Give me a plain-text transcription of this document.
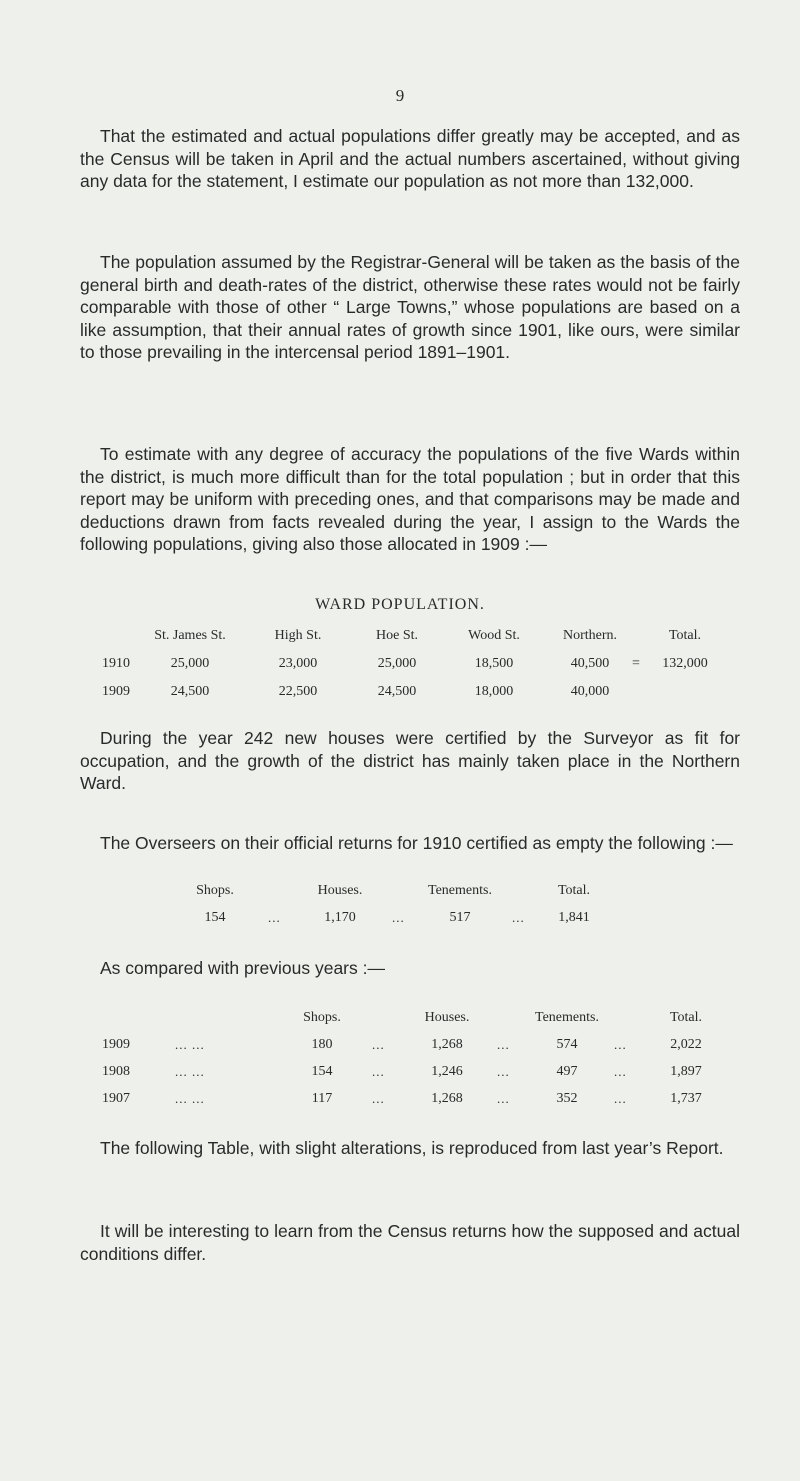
9

That the estimated and actual populations differ greatly may be accepted, and as the Census will be taken in April and the actual numbers ascertained, without giving any data for the statement, I estimate our population as not more than 132,000.

The population assumed by the Registrar-General will be taken as the basis of the general birth and death-rates of the district, otherwise these rates would not be fairly comparable with those of other “ Large Towns,” whose populations are based on a like assumption, that their annual rates of growth since 1901, like ours, were similar to those prevailing in the intercensal period 1891–1901.

To estimate with any degree of accuracy the populations of the five Wards within the district, is much more difficult than for the total population ; but in order that this report may be uniform with preceding ones, and that comparisons may be made and deductions drawn from facts revealed during the year, I assign to the Wards the following populations, giving also those allocated in 1909 :—

WARD POPULATION.
St. James St.	High St.	Hoe St.	Wood St.	Northern.	Total.
1910	25,000	23,000	25,000	18,500	40,500 = 132,000
1909	24,500	22,500	24,500	18,000	40,000

During the year 242 new houses were certified by the Surveyor as fit for occupation, and the growth of the district has mainly taken place in the Northern Ward.

The Overseers on their official returns for 1910 certified as empty the following :—

Shops.	Houses.	Tenements.	Total.
154	...	1,170	...	517	... 1,841
As compared with previous years :—
Shops.	Houses.	Tenements.	Total.
1909	... ...	180	...	1,268	...	574	...	2,022
1908	... ...	154	...	1,246	...	497	...	1,897
1907	... ...	117	...	1,268	...	352	...	1,737

The following Table, with slight alterations, is reproduced from last year’s Report.

It will be interesting to learn from the Census returns how the supposed and actual conditions differ.
